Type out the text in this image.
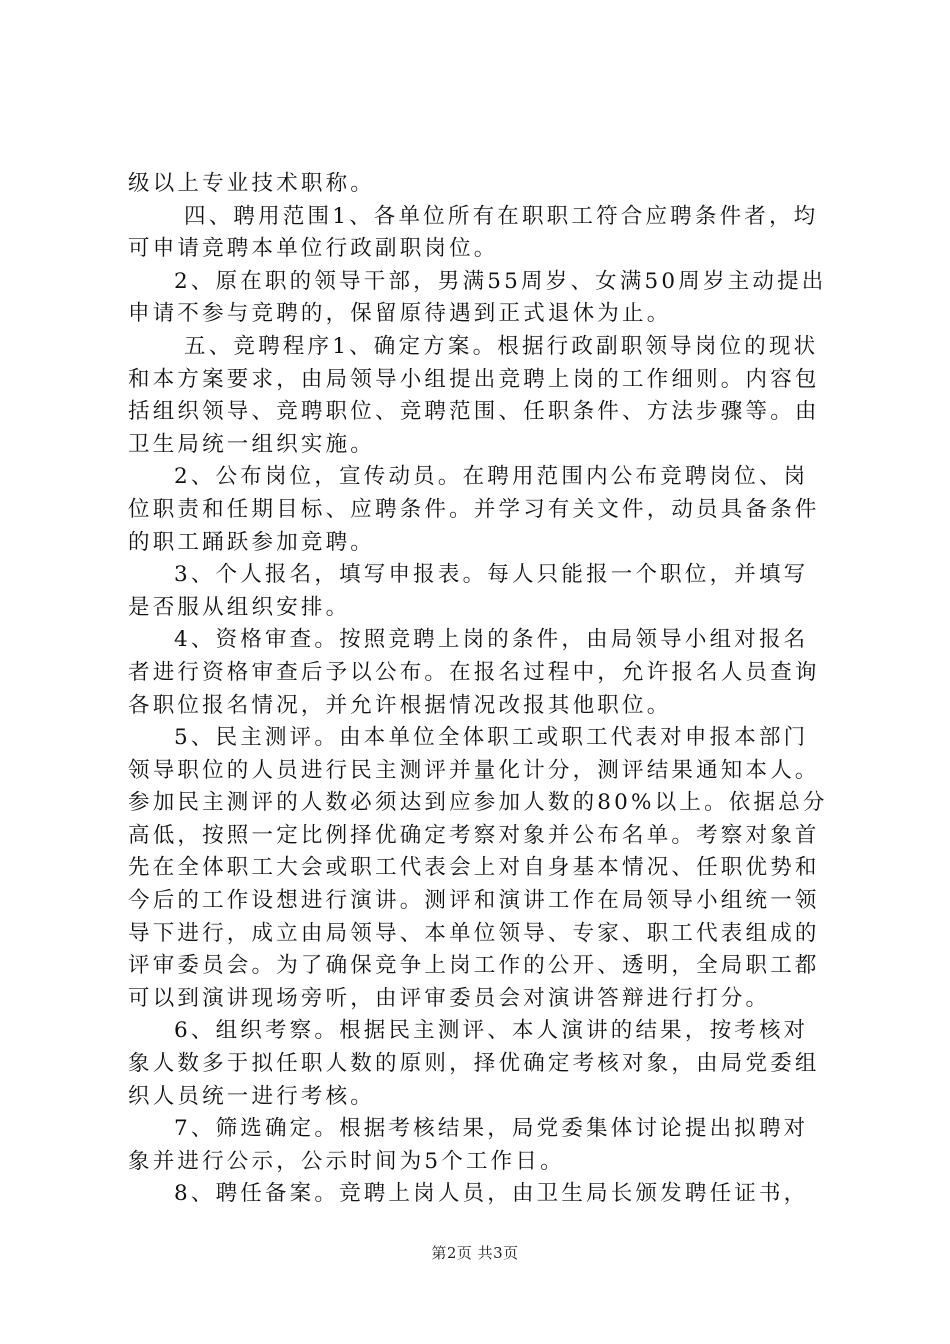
级以上专业技术职称。

四、聘用范围1、各单位所有在职职工符合应聘条件者，均可申请竞聘本单位行政副职岗位。

2、原在职的领导干部，男满55周岁、女满50周岁主动提出申请不参与竞聘的，保留原待遇到正式退休为止。

五、竞聘程序1、确定方案。根据行政副职领导岗位的现状和本方案要求，由局领导小组提出竞聘上岗的工作细则。内容包括组织领导、竞聘职位、竞聘范围、任职条件、方法步骤等。由卫生局统一组织实施。

2、公布岗位，宣传动员。在聘用范围内公布竞聘岗位、岗位职责和任期目标、应聘条件。并学习有关文件，动员具备条件的职工踊跃参加竞聘。

3、个人报名，填写申报表。每人只能报一个职位，并填写是否服从组织安排。

4、资格审查。按照竞聘上岗的条件，由局领导小组对报名者进行资格审查后予以公布。在报名过程中，允许报名人员查询各职位报名情况，并允许根据情况改报其他职位。

5、民主测评。由本单位全体职工或职工代表对申报本部门领导职位的人员进行民主测评并量化计分，测评结果通知本人。参加民主测评的人数必须达到应参加人数的80%以上。依据总分高低，按照一定比例择优确定考察对象并公布名单。考察对象首先在全体职工大会或职工代表会上对自身基本情况、任职优势和今后的工作设想进行演讲。测评和演讲工作在局领导小组统一领导下进行，成立由局领导、本单位领导、专家、职工代表组成的评审委员会。为了确保竞争上岗工作的公开、透明，全局职工都可以到演讲现场旁听，由评审委员会对演讲答辩进行打分。

6、组织考察。根据民主测评、本人演讲的结果，按考核对象人数多于拟任职人数的原则，择优确定考核对象，由局党委组织人员统一进行考核。

7、筛选确定。根据考核结果，局党委集体讨论提出拟聘对象并进行公示，公示时间为5个工作日。

8、聘任备案。竞聘上岗人员，由卫生局长颁发聘任证书，

第2页 共3页
